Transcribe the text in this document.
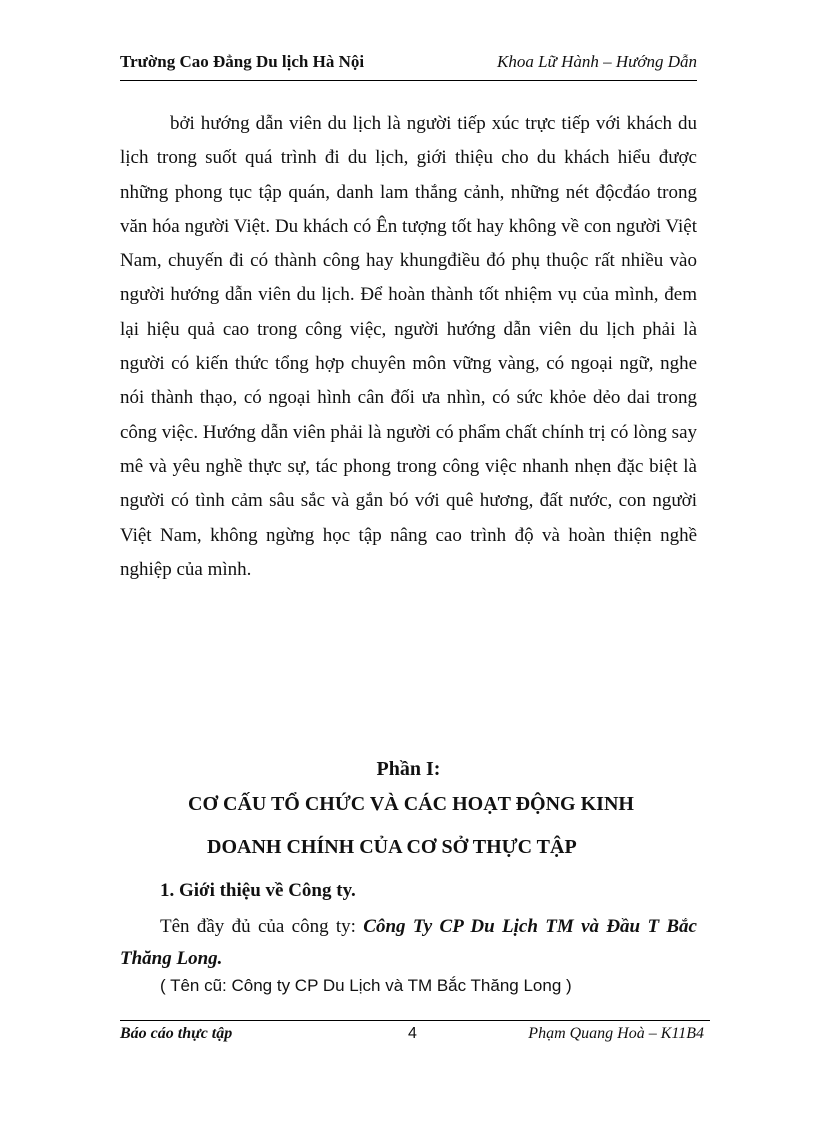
Trường Cao Đẳng Du lịch Hà Nội	Khoa Lữ Hành – Hướng Dẫn

bởi hướng dẫn viên du lịch là người tiếp xúc trực tiếp với khách du lịch trong suốt quá trình đi du lịch, giới thiệu cho du khách hiểu được những phong tục tập quán, danh lam thắng cảnh, những nét độcđáo trong văn hóa người Việt. Du khách có Ên tượng tốt hay không về con người Việt Nam, chuyến đi có thành công hay khungđiều đó phụ thuộc rất nhiều vào người hướng dẫn viên du lịch. Để hoàn thành tốt nhiệm vụ của mình, đem lại hiệu quả cao trong công việc, người hướng dẫn viên du lịch phải là người có kiến thức tổng hợp chuyên môn vững vàng, có ngoại ngữ, nghe nói thành thạo, có ngoại hình cân đối ưa nhìn, có sức khỏe dẻo dai trong công việc. Hướng dẫn viên phải là người có phẩm chất chính trị có lòng say mê và yêu nghề thực sự, tác phong trong công việc nhanh nhẹn đặc biệt là người có tình cảm sâu sắc và gắn bó với quê hương, đất nước, con người Việt Nam, không ngừng học tập nâng cao trình độ và hoàn thiện nghề nghiệp của mình.

Phần I:

CƠ CẤU TỔ CHỨC VÀ CÁC HOẠT ĐỘNG KINH

DOANH CHÍNH CỦA CƠ SỞ THỰC TẬP

1. Giới thiệu về Công ty.

Tên đầy đủ của công ty: Công Ty CP Du Lịch TM và Đầu T Bắc Thăng Long.

( Tên cũ: Công ty CP Du Lịch và TM Bắc Thăng Long )

Báo cáo thực tập	4	Phạm Quang Hoà – K11B4
